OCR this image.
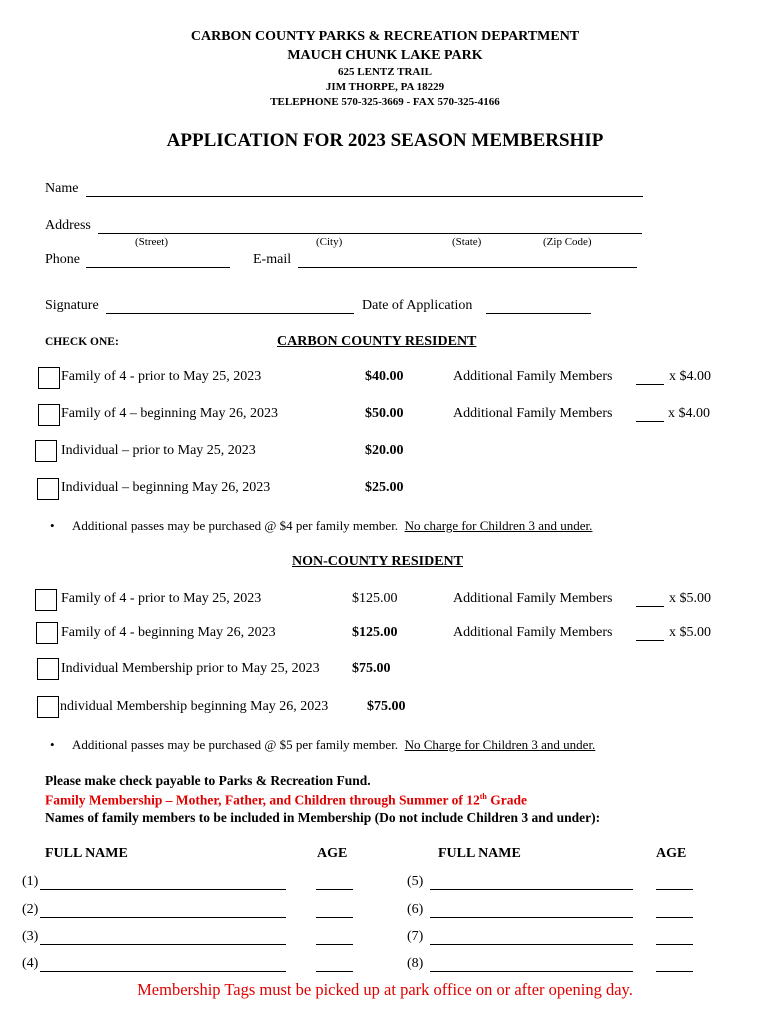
CARBON COUNTY PARKS & RECREATION DEPARTMENT
MAUCH CHUNK LAKE PARK
625 LENTZ TRAIL
JIM THORPE, PA 18229
TELEPHONE 570-325-3669 - FAX 570-325-4166
APPLICATION FOR 2023 SEASON MEMBERSHIP
Name
Address
(Street)	(City)	(State)	(Zip Code)
Phone	E-mail
Signature	Date of Application
CHECK ONE:	CARBON COUNTY RESIDENT
Family of 4 - prior to May 25, 2023	$40.00	Additional Family Members	x $4.00
Family of 4 – beginning May 26, 2023	$50.00	Additional Family Members	x $4.00
Individual – prior to May 25, 2023	$20.00
Individual – beginning May 26, 2023	$25.00
• Additional passes may be purchased @ $4 per family member. No charge for Children 3 and under.
NON-COUNTY RESIDENT
Family of 4 - prior to May 25, 2023	$125.00	Additional Family Members	x $5.00
Family of 4 - beginning May 26, 2023	$125.00	Additional Family Members	x $5.00
Individual Membership prior to May 25, 2023 $75.00
ndividual Membership beginning May 26, 2023	$75.00
• Additional passes may be purchased @ $5 per family member. No Charge for Children 3 and under.
Please make check payable to Parks & Recreation Fund.
Family Membership – Mother, Father, and Children through Summer of 12th Grade
Names of family members to be included in Membership (Do not include Children 3 and under):
FULL NAME	AGE	FULL NAME	AGE
(1)	(5)
(2)	(6)
(3)	(7)
(4)	(8)
Membership Tags must be picked up at park office on or after opening day.
